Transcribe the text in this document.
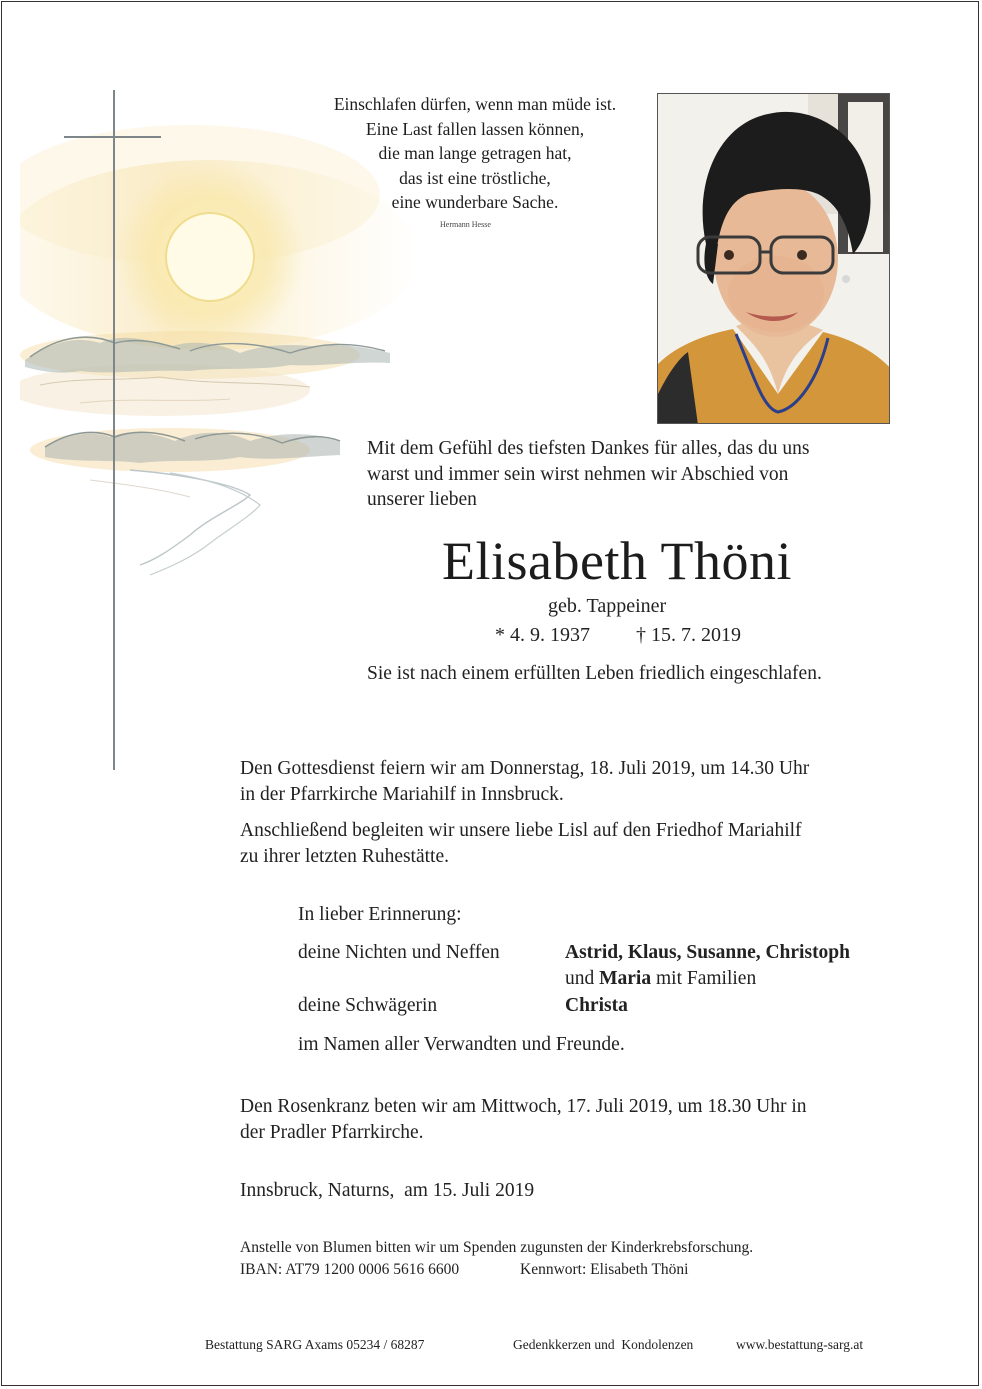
Einschlafen dürfen, wenn man müde ist.
Eine Last fallen lassen können,
die man lange getragen hat,
das ist eine tröstliche,
eine wunderbare Sache.
Hermann Hesse
Mit dem Gefühl des tiefsten Dankes für alles, das du uns
warst und immer sein wirst nehmen wir Abschied von
unserer lieben
Elisabeth Thöni
geb. Tappeiner
* 4. 9. 1937 † 15. 7. 2019
Sie ist nach einem erfüllten Leben friedlich eingeschlafen.
Den Gottesdienst feiern wir am Donnerstag, 18. Juli 2019, um 14.30 Uhr
in der Pfarrkirche Mariahilf in Innsbruck.
Anschließend begleiten wir unsere liebe Lisl auf den Friedhof Mariahilf
zu ihrer letzten Ruhestätte.
In lieber Erinnerung:
deine Nichten und Neffen	Astrid, Klaus, Susanne, Christoph
und Maria mit Familien
deine Schwägerin	Christa
im Namen aller Verwandten und Freunde.
Den Rosenkranz beten wir am Mittwoch, 17. Juli 2019, um 18.30 Uhr in
der Pradler Pfarrkirche.
Innsbruck, Naturns,  am 15. Juli 2019
Anstelle von Blumen bitten wir um Spenden zugunsten der Kinderkrebsforschung.
IBAN: AT79 1200 0006 5616 6600	Kennwort: Elisabeth Thöni
Bestattung SARG Axams 05234 / 68287	Gedenkkerzen und  Kondolenzen	www.bestattung-sarg.at
